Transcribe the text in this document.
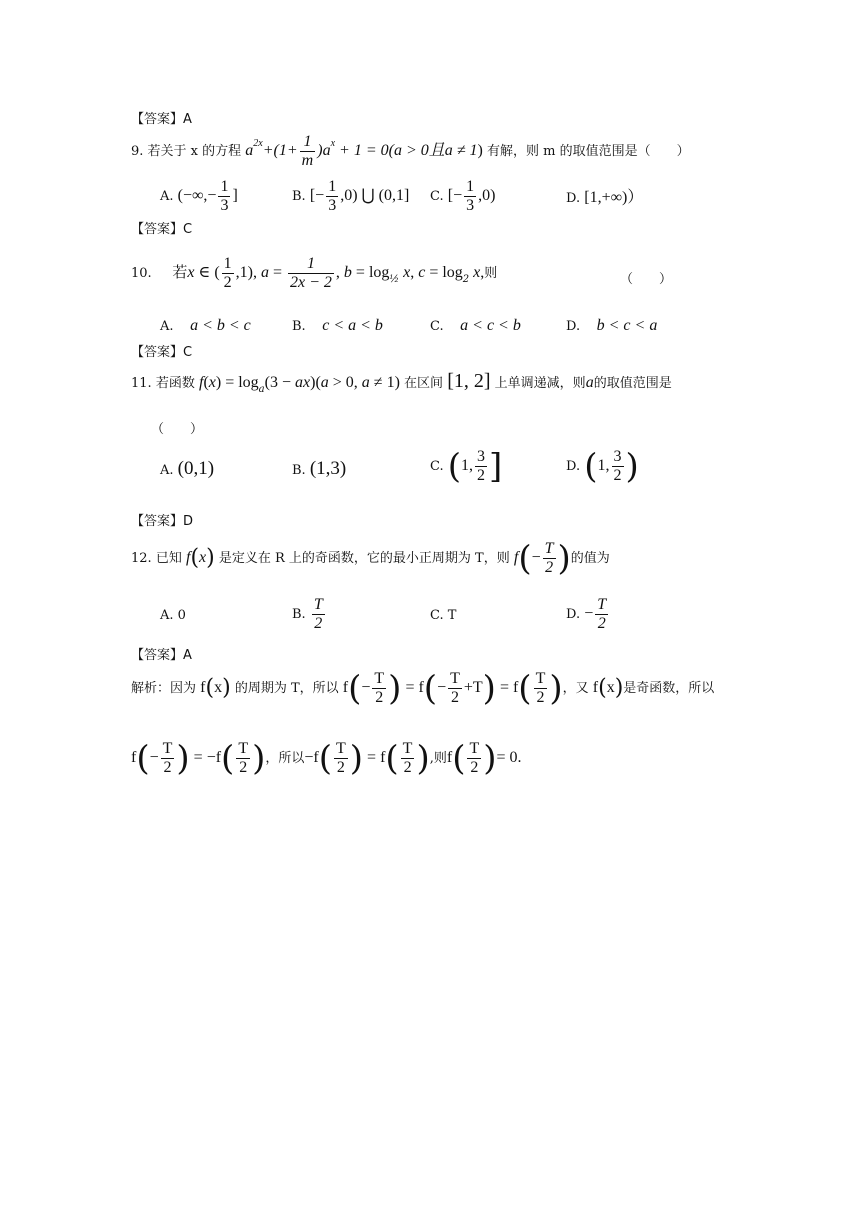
【答案】A
9. 若关于 x 的方程 $a^{2x}+(1+ \frac{1}{m} )a^x + 1 = 0(a > 0$且a ≠ 1) 有解，则 m 的取值范围是（　　）
A. (−∞,− $\frac{1}{3}$ ]	B. [− $\frac{1}{3} ,0$) ⋃ (0,1] C. [− $\frac{1}{3} ,0$)	D. [1,+∞)）
【答案】C
10. 若x ∈ ( $\frac{1}{2} ,1$), $a = \frac{1}{2x - 2}$ , $b = \log_{\frac{1}{2}} x$, $c = \log_2 x$,则	（　　）
A. a < b < c	B. c < a < b	C. a < c < b	D. b < c < a
【答案】C
11. 若函数 $f(x) = \log_a(3 - ax)(a > 0$, a ≠ 1) 在区间 [1, 2] 上单调递减，则a的取值范围是
（　　）
A. (0,1)	B. (1,3)	C. (1, $\frac{3}{2}$ ]	D. (1, $\frac{3}{2}$ )
【答案】D
12. 已知 f(x) 是定义在 R 上的奇函数，它的最小正周期为 T，则 $f(- \frac{T}{2}$ )的值为
A. 0	B. $\frac{T}{2}$	C. T	D. − $\frac{T}{2}$
【答案】A
解析：因为 f(x) 的周期为 T，所以 $f(- \frac{T}{2}$ ) = $f(- \frac{T}{2} +T) = f( \frac{T}{2}$ )，又 f(x)是奇函数，所以
$f(- \frac{T}{2}$ ) = $-f( \frac{T}{2}$ )，所以$-f( \frac{T}{2}$ ) = $f( \frac{T}{2}$ ),则$f( \frac{T}{2}$ )= 0.
